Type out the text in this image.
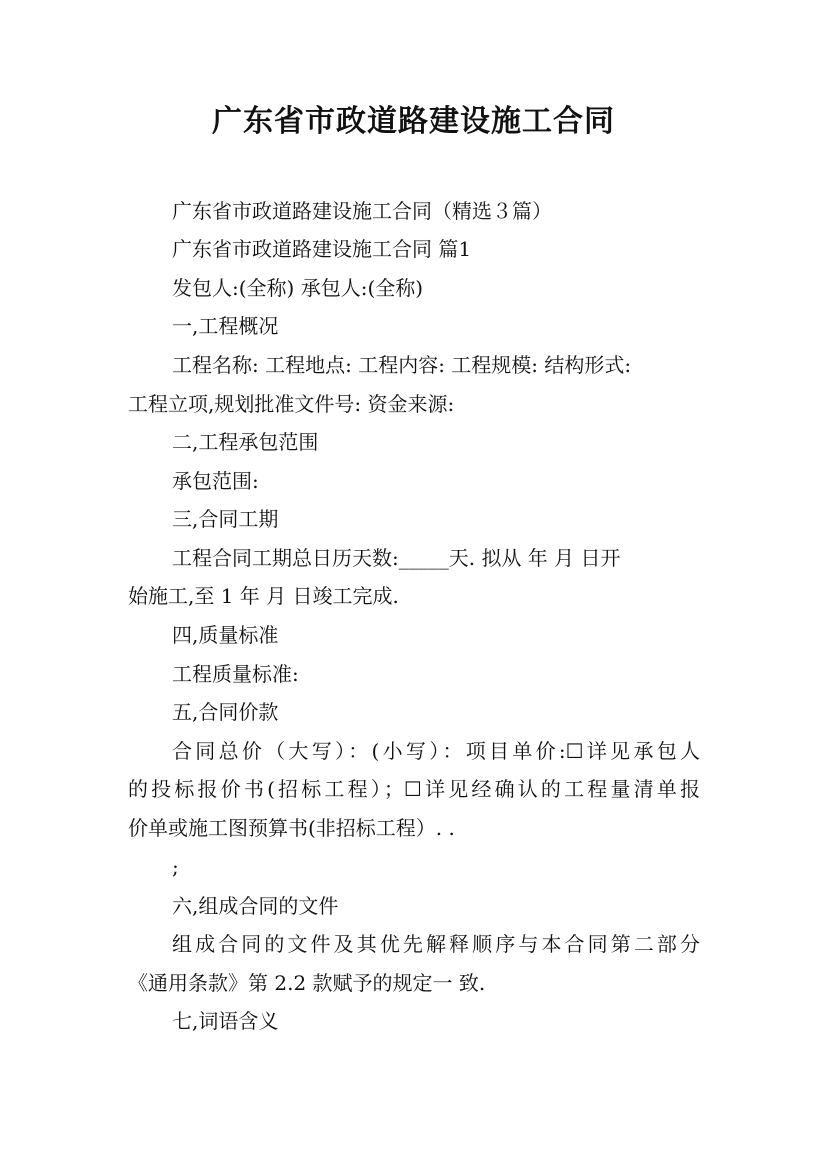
广东省市政道路建设施工合同
广东省市政道路建设施工合同（精选３篇）
广东省市政道路建设施工合同 篇1
发包人:(全称) 承包人:(全称)
一,工程概况
工程名称: 工程地点: 工程内容: 工程规模: 结构形式:
工程立项,规划批准文件号: 资金来源:
二,工程承包范围
承包范围:
三,合同工期
工程合同工期总日历天数:_____天. 拟从 年 月 日开
始施工,至 1 年 月 日竣工完成.
四,质量标准
工程质量标准:
五,合同价款
合同总价（大写）：(小写）：项目单价:☐详见承包人
的投标报价书(招标工程）；☐详见经确认的工程量清单报
价单或施工图预算书(非招标工程）. .
;
六,组成合同的文件
组成合同的文件及其优先解释顺序与本合同第二部分
《通用条款》第 2.2 款赋予的规定一 致.
七,词语含义
